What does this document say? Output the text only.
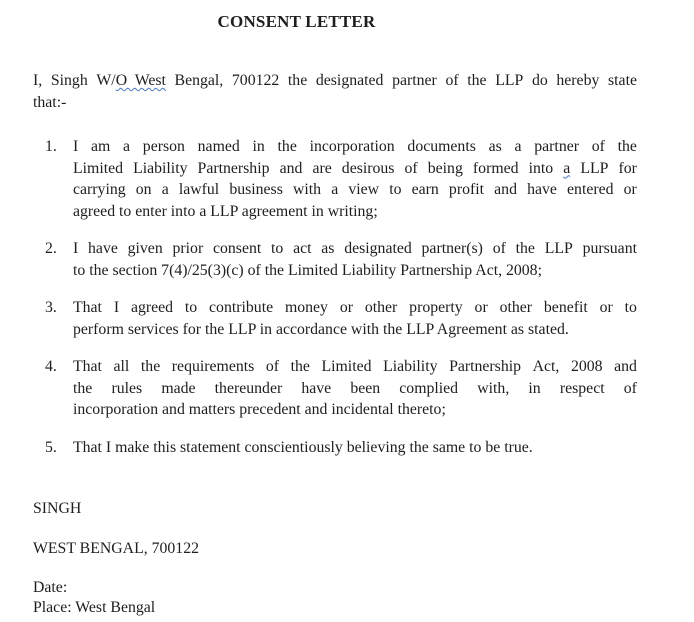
CONSENT LETTER
I, Singh W/O  West Bengal, 700122 the designated partner of the LLP do hereby state
that:-
1. I am a person named in the incorporation documents as a partner of the
Limited Liability Partnership and are desirous of being formed into a LLP for
carrying on a lawful business with a view to earn profit and have entered or
agreed to enter into a LLP agreement in writing;
2. I have given prior consent to act as designated partner(s) of the LLP pursuant
to the section 7(4)/25(3)(c) of the Limited Liability Partnership Act, 2008;
3. That I agreed to contribute money or other property or other benefit or to
perform services for the LLP in accordance with the LLP Agreement as stated.
4. That all the requirements of the Limited Liability Partnership Act, 2008 and
the rules made thereunder have been complied with, in respect of
incorporation and matters precedent and incidental thereto;
5. That I make this statement conscientiously believing the same to be true.
SINGH
WEST BENGAL, 700122
Date:
Place: West Bengal
